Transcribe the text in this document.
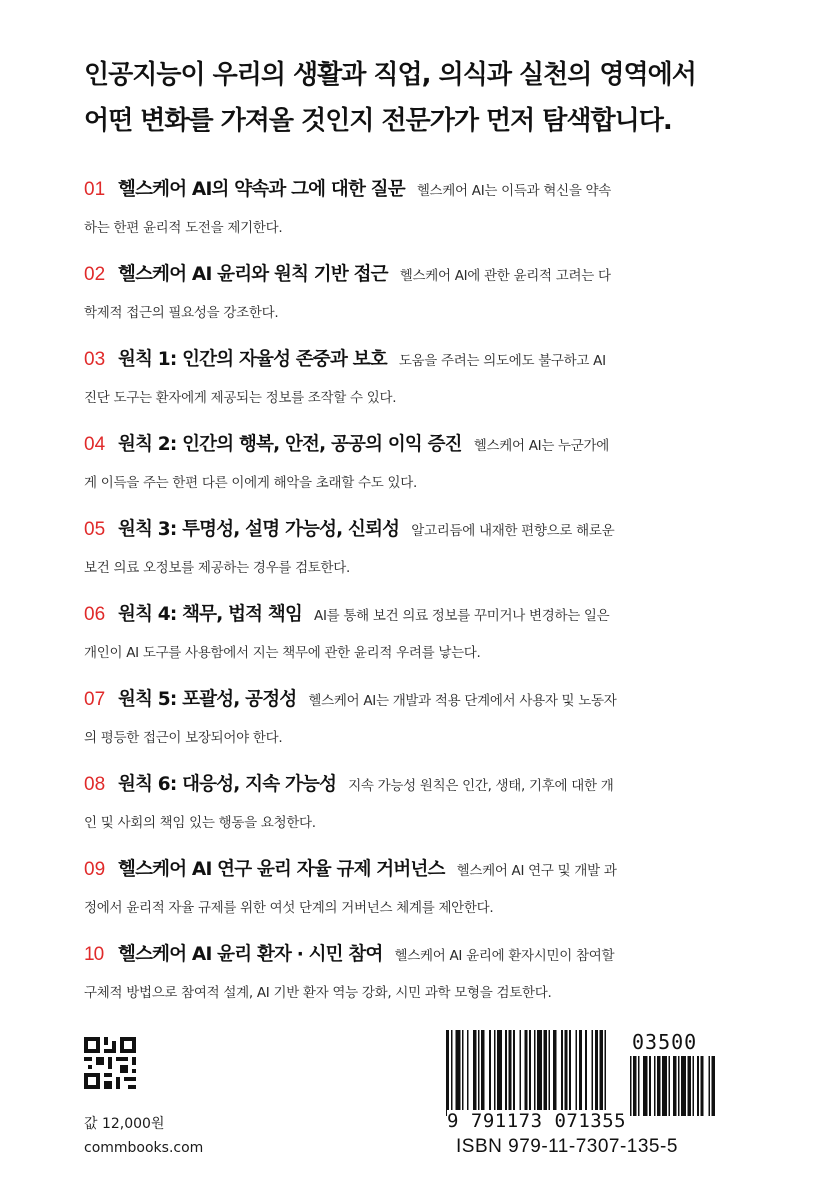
인공지능이 우리의 생활과 직업, 의식과 실천의 영역에서
어떤 변화를 가져올 것인지 전문가가 먼저 탐색합니다.
01 헬스케어 AI의 약속과 그에 대한 질문 헬스케어 AI는 이득과 혁신을 약속
하는 한편 윤리적 도전을 제기한다.
02 헬스케어 AI 윤리와 원칙 기반 접근 헬스케어 AI에 관한 윤리적 고려는 다
학제적 접근의 필요성을 강조한다.
03 원칙 1: 인간의 자율성 존중과 보호 도움을 주려는 의도에도 불구하고 AI
진단 도구는 환자에게 제공되는 정보를 조작할 수 있다.
04 원칙 2: 인간의 행복, 안전, 공공의 이익 증진 헬스케어 AI는 누군가에
게 이득을 주는 한편 다른 이에게 해악을 초래할 수도 있다.
05 원칙 3: 투명성, 설명 가능성, 신뢰성 알고리듬에 내재한 편향으로 해로운
보건 의료 오정보를 제공하는 경우를 검토한다.
06 원칙 4: 책무, 법적 책임 AI를 통해 보건 의료 정보를 꾸미거나 변경하는 일은
개인이 AI 도구를 사용함에서 지는 책무에 관한 윤리적 우려를 낳는다.
07 원칙 5: 포괄성, 공정성 헬스케어 AI는 개발과 적용 단계에서 사용자 및 노동자
의 평등한 접근이 보장되어야 한다.
08 원칙 6: 대응성, 지속 가능성 지속 가능성 원칙은 인간, 생태, 기후에 대한 개
인 및 사회의 책임 있는 행동을 요청한다.
09 헬스케어 AI 연구 윤리 자율 규제 거버넌스 헬스케어 AI 연구 및 개발 과
정에서 윤리적 자율 규제를 위한 여섯 단계의 거버넌스 체계를 제안한다.
10 헬스케어 AI 윤리 환자 · 시민 참여 헬스케어 AI 윤리에 환자시민이 참여할
구체적 방법으로 참여적 설계, AI 기반 환자 역능 강화, 시민 과학 모형을 검토한다.
값 12,000원
commbooks.com
03500
9 791173 071355
ISBN 979-11-7307-135-5
